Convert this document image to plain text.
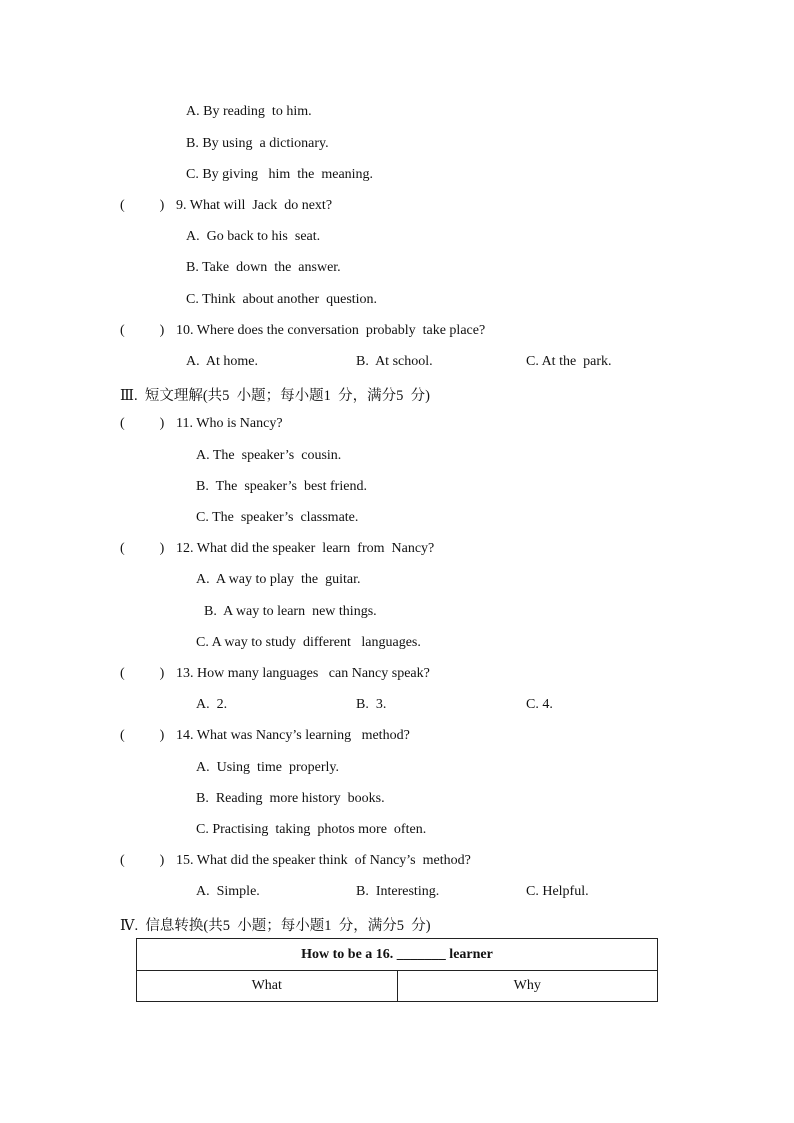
A. By reading  to him.
B. By using  a dictionary.
C. By giving   him  the  meaning.
(          ) 9. What will  Jack  do next?
A.  Go back to his  seat.
B. Take  down  the  answer.
C. Think  about another  question.
(          ) 10. Where does the conversation  probably  take place?
A.  At home.	B.  At school.	C. At the  park.
Ⅲ.  短文理解(共5  小题；每小题1  分，满分5  分)
(          ) 11. Who is Nancy?
A. The  speaker’s  cousin.
B.  The  speaker’s  best friend.
C. The  speaker’s  classmate.
(          ) 12. What did the speaker  learn  from  Nancy?
A.  A way to play  the  guitar.
B.  A way to learn  new things.
C. A way to study  different   languages.
(          ) 13. How many languages   can Nancy speak?
A.  2.	B.  3.	C. 4.
(          ) 14. What was Nancy’s learning   method?
A.  Using  time  properly.
B.  Reading  more history  books.
C. Practising  taking  photos more  often.
(          ) 15. What did the speaker think  of Nancy’s  method?
A.  Simple.	B.  Interesting.	C. Helpful.
Ⅳ.  信息转换(共5  小题；每小题1  分，满分5  分)
How to be a 16. _______ learner
What	Why
